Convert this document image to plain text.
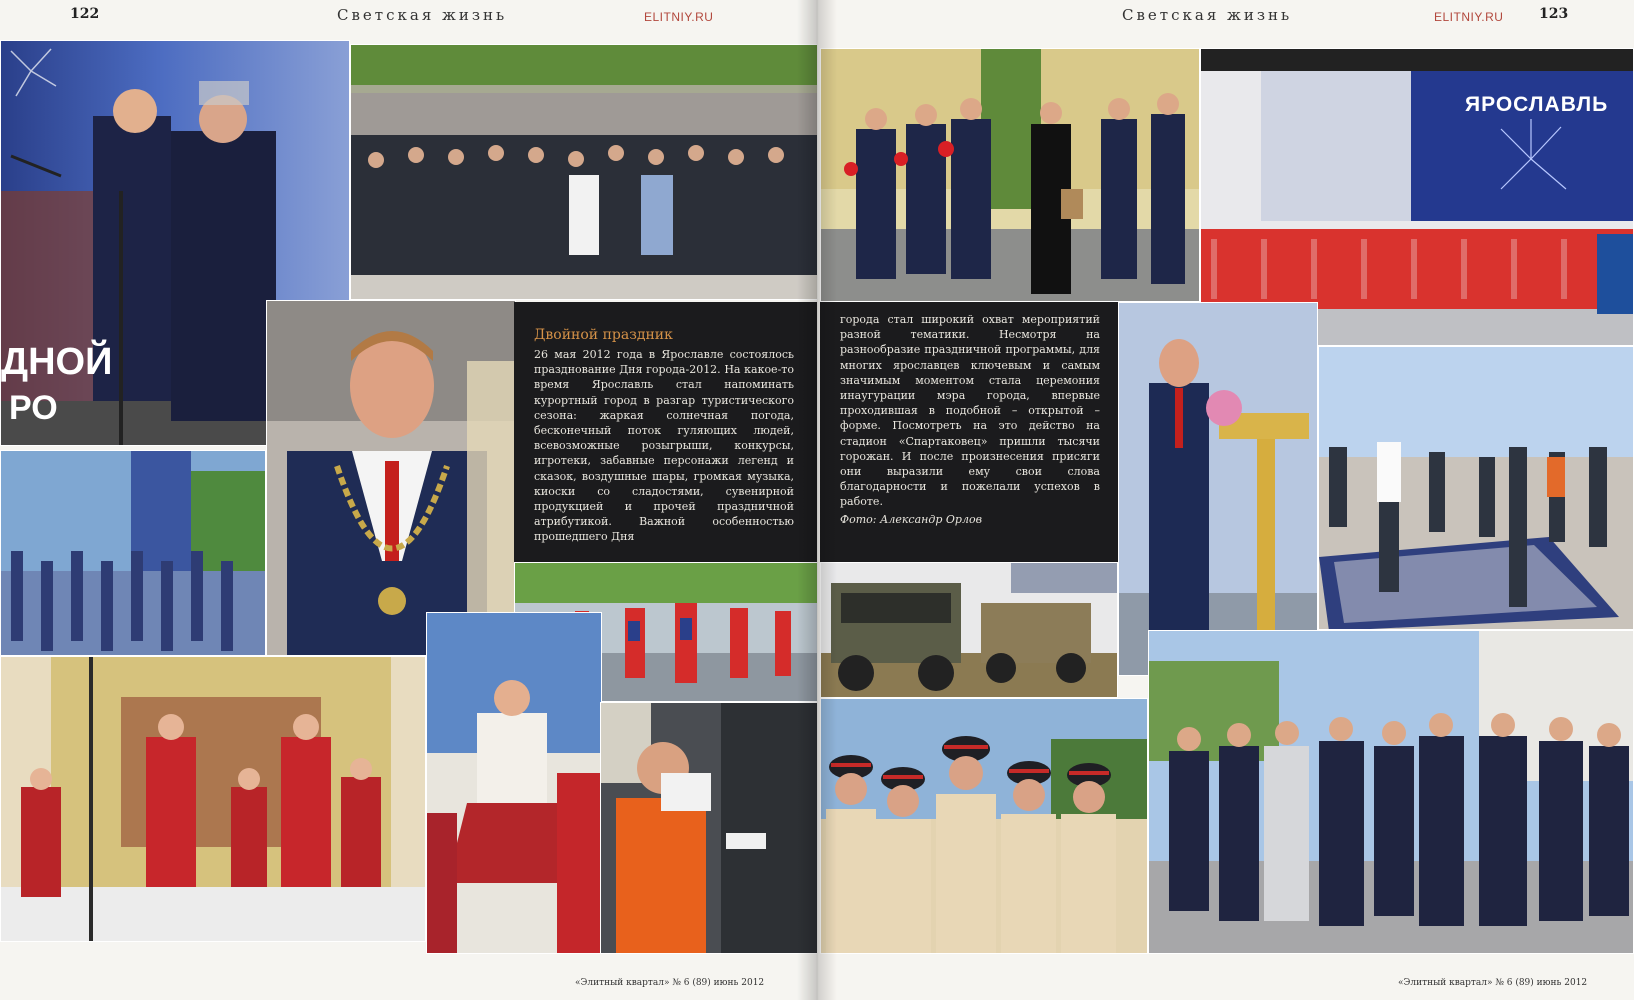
122	Светская жизнь	ELITNIY.RU
ДНОЙ
РО
Двойной праздник

26 мая 2012 года в Ярославле состоялось празднование Дня города-2012. На какое-то время Ярославль стал напоминать курортный город в разгар туристического сезона: жаркая солнечная погода, бесконечный поток гуляющих людей, всевозможные розыгрыши, конкурсы, игротеки, забавные персонажи легенд и сказок, воздушные шары, громкая музыка, киоски со сладостями, сувенирной продукцией и прочей праздничной атрибутикой. Важной особенностью прошедшего Дня

«Элитный квартал» № 6 (89) июнь 2012
Светская жизнь	ELITNIY.RU	123
ЯРОСЛАВЛЬ

города стал широкий охват мероприятий разной тематики. Несмотря на разнообразие праздничной программы, для многих ярославцев ключевым и самым значимым моментом стала церемония инаугурации мэра города, впервые проходившая в подобной – открытой – форме. Посмотреть на это действо на стадион «Спартаковец» пришли тысячи горожан. И после произнесения присяги они выразили ему свои слова благодарности и пожелали успехов в работе.

Фото: Александр Орлов

«Элитный квартал» № 6 (89) июнь 2012
